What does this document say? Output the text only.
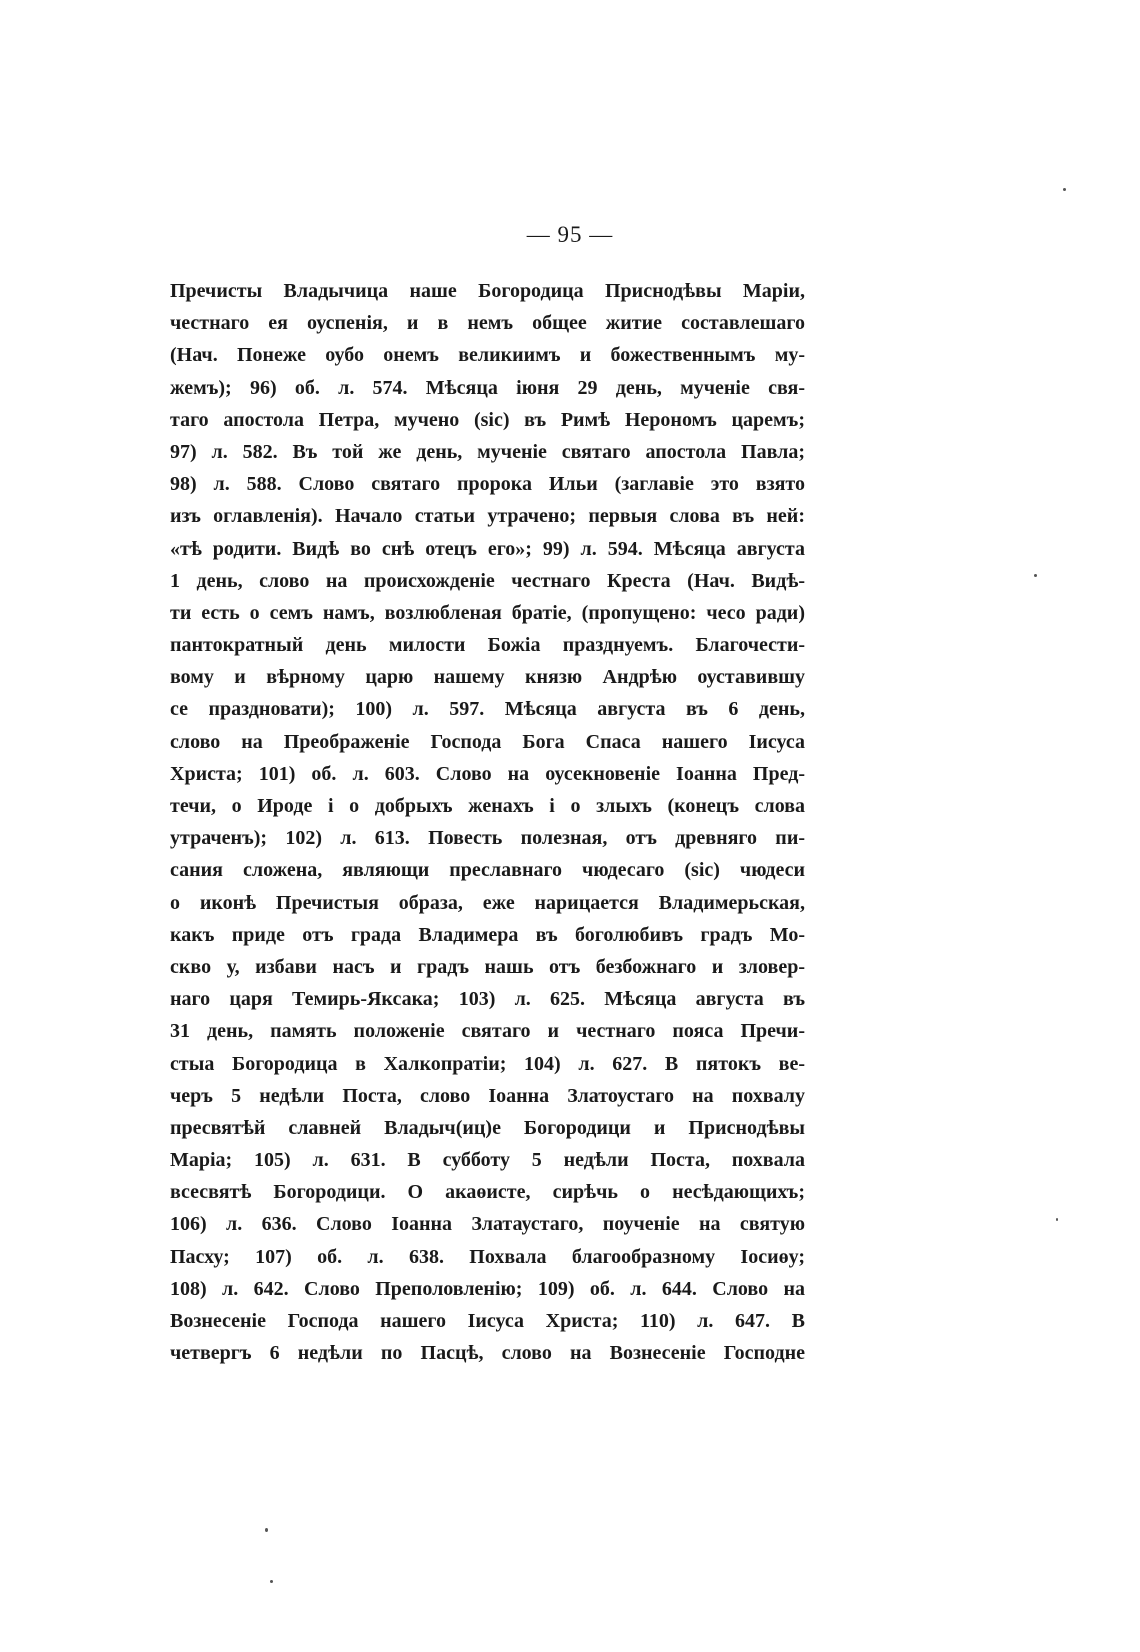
— 95 —
Пречисты Владычица наше Богородица Приснодѣвы Маріи,
честнаго ея оуспенія, и в немъ общее житие составлешаго
(Нач. Понеже оубо онемъ великиимъ и божественнымъ му-
жемъ); 96) об. л. 574. Мѣсяца іюня 29 день, мученіе свя-
таго апостола Петра, мучено (sic) въ Римѣ Нерономъ царемъ;
97) л. 582. Въ той же день, мученіе святаго апостола Павла;
98) л. 588. Слово святаго пророка Ильи (заглавіе это взято
изъ оглавленія). Начало статьи утрачено; первыя слова въ ней:
«тѣ родити. Видѣ во снѣ отецъ его»; 99) л. 594. Мѣсяца августа
1 день, слово на происхожденіе честнаго Креста (Нач. Видѣ-
ти есть о семъ намъ, возлюбленая братіе, (пропущено: чесо ради)
пантократный день милости Божіа празднуемъ. Благочести-
вому и вѣрному царю нашему князю Андрѣю оуставившу
се праздновати); 100) л. 597. Мѣсяца августа въ 6 день,
слово на Преображеніе Господа Бога Спаса нашего Іисуса
Христа; 101) об. л. 603. Слово на оусекновеніе Іоанна Пред-
течи, о Ироде і о добрыхъ женахъ і о злыхъ (конецъ слова
утраченъ); 102) л. 613. Повесть полезная, отъ древняго пи-
сания сложена, являющи преславнаго чюдесаго (sic) чюдеси
о иконѣ Пречистыя образа, еже нарицается Владимерьская,
какъ приде отъ града Владимера въ боголюбивъ градъ Мо-
скво у, избави насъ и градъ нашь отъ безбожнаго и зловер-
наго царя Темирь-Яксака; 103) л. 625. Мѣсяца августа въ
31 день, память положеніе святаго и честнаго пояса Пречи-
стыа Богородица в Халкопратіи; 104) л. 627. В пятокъ ве-
черъ 5 недѣли Поста, слово Іоанна Златоустаго на похвалу
пресвятѣй славней Владыч(иц)е Богородици и Приснодѣвы
Маріа; 105) л. 631. В субботу 5 недѣли Поста, похвала
всесвятѣ Богородици. О акаөисте, сирѣчь о несѣдающихъ;
106) л. 636. Слово Іоанна Златаустаго, поученіе на святую
Пасху; 107) об. л. 638. Похвала благообразному Іосиөу;
108) л. 642. Слово Преполовленію; 109) об. л. 644. Слово на
Вознесеніе Господа нашего Іисуса Христа; 110) л. 647. В
четвергъ 6 недѣли по Пасцѣ, слово на Вознесеніе Господне
